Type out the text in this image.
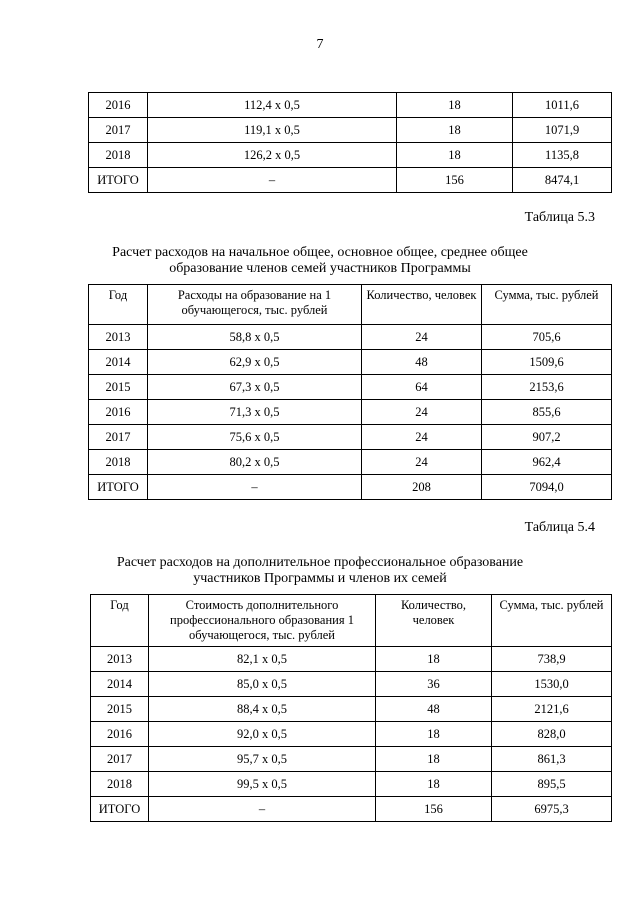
7
2016	112,4 х 0,5	18	1011,6
2017	119,1 х 0,5	18	1071,9
2018	126,2 х 0,5	18	1135,8
ИТОГО	–	156	8474,1
Таблица 5.3
Расчет расходов на начальное общее, основное общее, среднее общее
образование членов семей участников Программы
Год	Расходы на образование на 1 обучающегося, тыс. рублей	Количество, человек	Сумма, тыс. рублей
2013	58,8 х 0,5	24	705,6
2014	62,9 х 0,5	48	1509,6
2015	67,3 х 0,5	64	2153,6
2016	71,3 х 0,5	24	855,6
2017	75,6 х 0,5	24	907,2
2018	80,2 х 0,5	24	962,4
ИТОГО	–	208	7094,0
Таблица 5.4
Расчет расходов на дополнительное профессиональное образование
участников Программы и членов их семей
Год	Стоимость дополнительного профессионального образования 1 обучающегося, тыс. рублей	Количество, человек	Сумма, тыс. рублей
2013	82,1 х 0,5	18	738,9
2014	85,0 х 0,5	36	1530,0
2015	88,4 х 0,5	48	2121,6
2016	92,0 х 0,5	18	828,0
2017	95,7 х 0,5	18	861,3
2018	99,5 х 0,5	18	895,5
ИТОГО	–	156	6975,3
